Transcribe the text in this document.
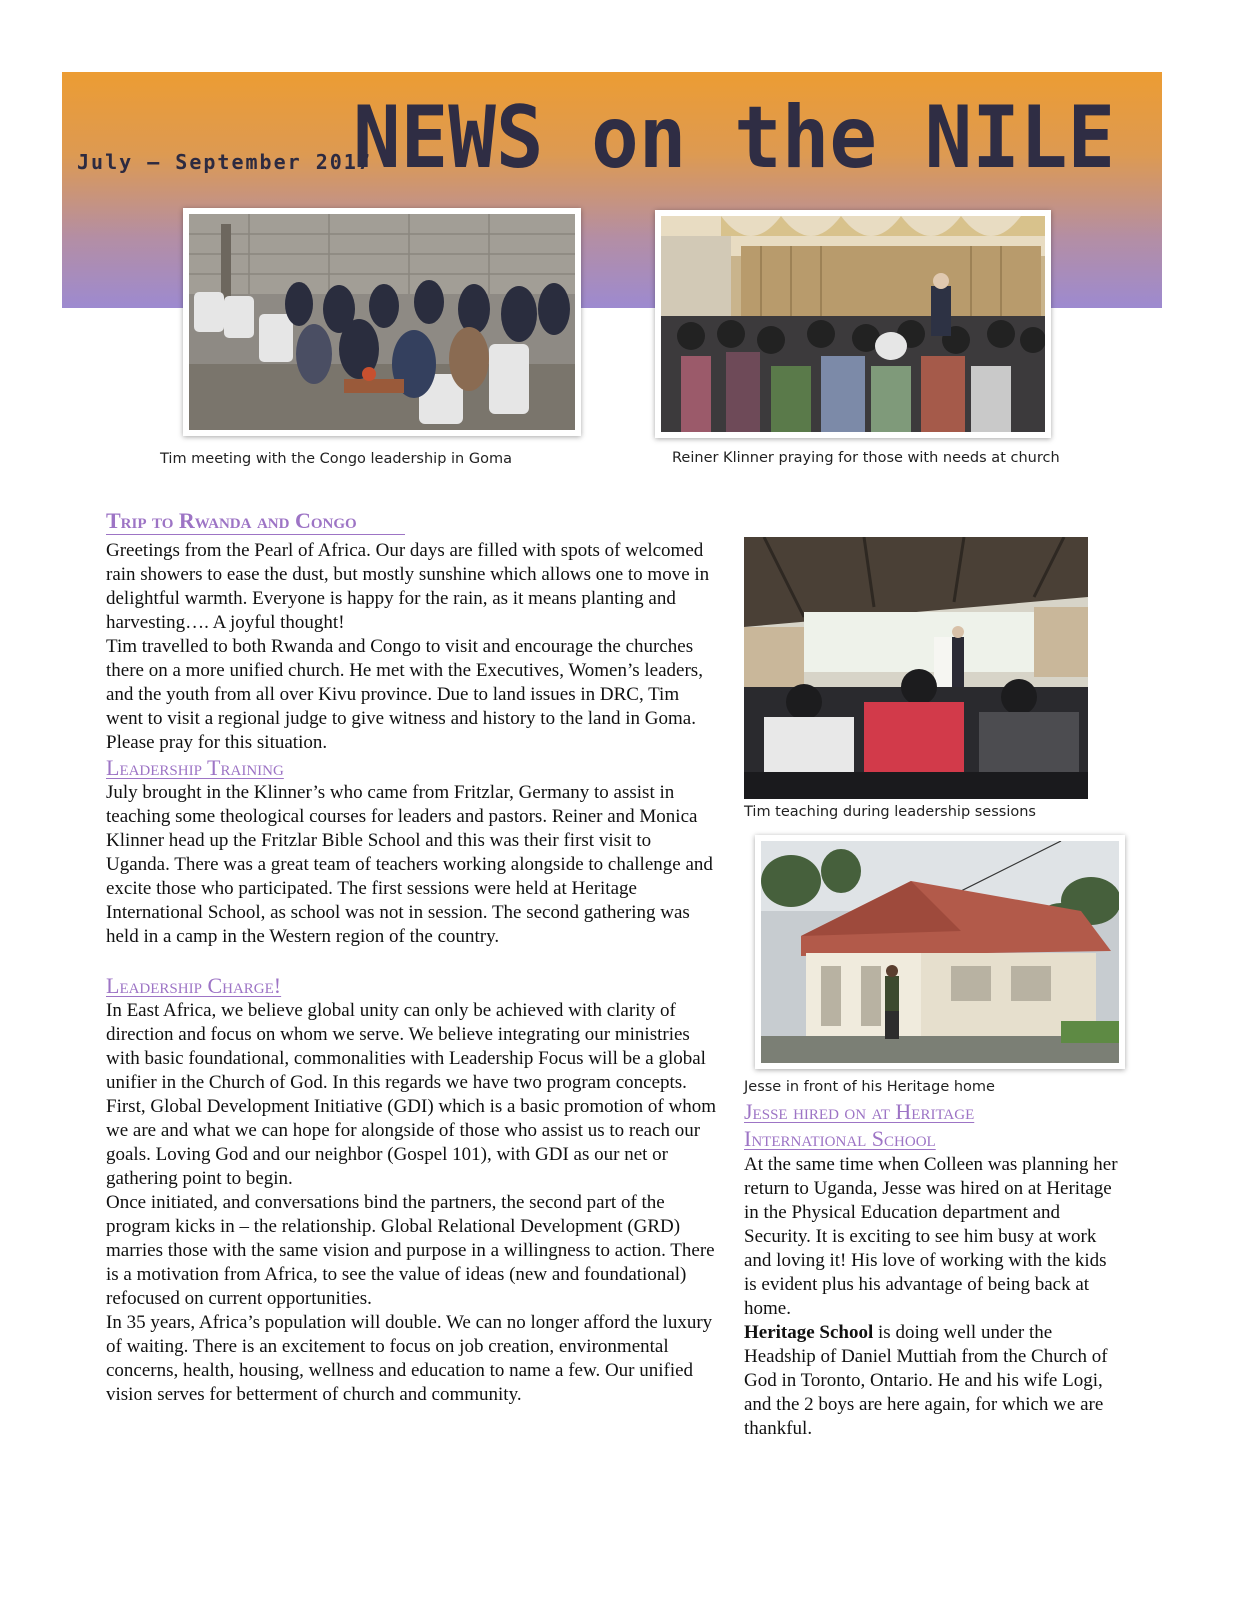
July – September 2017
NEWS on the NILE
Tim meeting with the Congo leadership in Goma	Reiner Klinner praying for those with needs at church
Trip to Rwanda and Congo

Greetings from the Pearl of Africa. Our days are filled with spots of welcomed rain showers to ease the dust, but mostly sunshine which allows one to move in delightful warmth. Everyone is happy for the rain, as it means planting and harvesting…. A joyful thought!

Tim travelled to both Rwanda and Congo to visit and encourage the churches there on a more unified church. He met with the Executives, Women’s leaders, and the youth from all over Kivu province. Due to land issues in DRC, Tim went to visit a regional judge to give witness and history to the land in Goma. Please pray for this situation.

Leadership Training

July brought in the Klinner’s who came from Fritzlar, Germany to assist in teaching some theological courses for leaders and pastors. Reiner and Monica Klinner head up the Fritzlar Bible School and this was their first visit to Uganda. There was a great team of teachers working alongside to challenge and excite those who participated. The first sessions were held at Heritage International School, as school was not in session. The second gathering was held in a camp in the Western region of the country.

Leadership Charge!

In East Africa, we believe global unity can only be achieved with clarity of direction and focus on whom we serve. We believe integrating our ministries with basic foundational, commonalities with Leadership Focus will be a global unifier in the Church of God. In this regards we have two program concepts.

First, Global Development Initiative (GDI) which is a basic promotion of whom we are and what we can hope for alongside of those who assist us to reach our goals. Loving God and our neighbor (Gospel 101), with GDI as our net or gathering point to begin.

Once initiated, and conversations bind the partners, the second part of the program kicks in – the relationship. Global Relational Development (GRD) marries those with the same vision and purpose in a willingness to action. There is a motivation from Africa, to see the value of ideas (new and foundational) refocused on current opportunities.

In 35 years, Africa’s population will double. We can no longer afford the luxury of waiting. There is an excitement to focus on job creation, environmental concerns, health, housing, wellness and education to name a few. Our unified vision serves for betterment of church and community.

Tim teaching during leadership sessions
Jesse in front of his Heritage home
Jesse hired on at Heritage
International School

At the same time when Colleen was planning her return to Uganda, Jesse was hired on at Heritage in the Physical Education department and Security. It is exciting to see him busy at work and loving it! His love of working with the kids is evident plus his advantage of being back at home.

Heritage School is doing well under the Headship of Daniel Muttiah from the Church of God in Toronto, Ontario. He and his wife Logi, and the 2 boys are here again, for which we are thankful.
